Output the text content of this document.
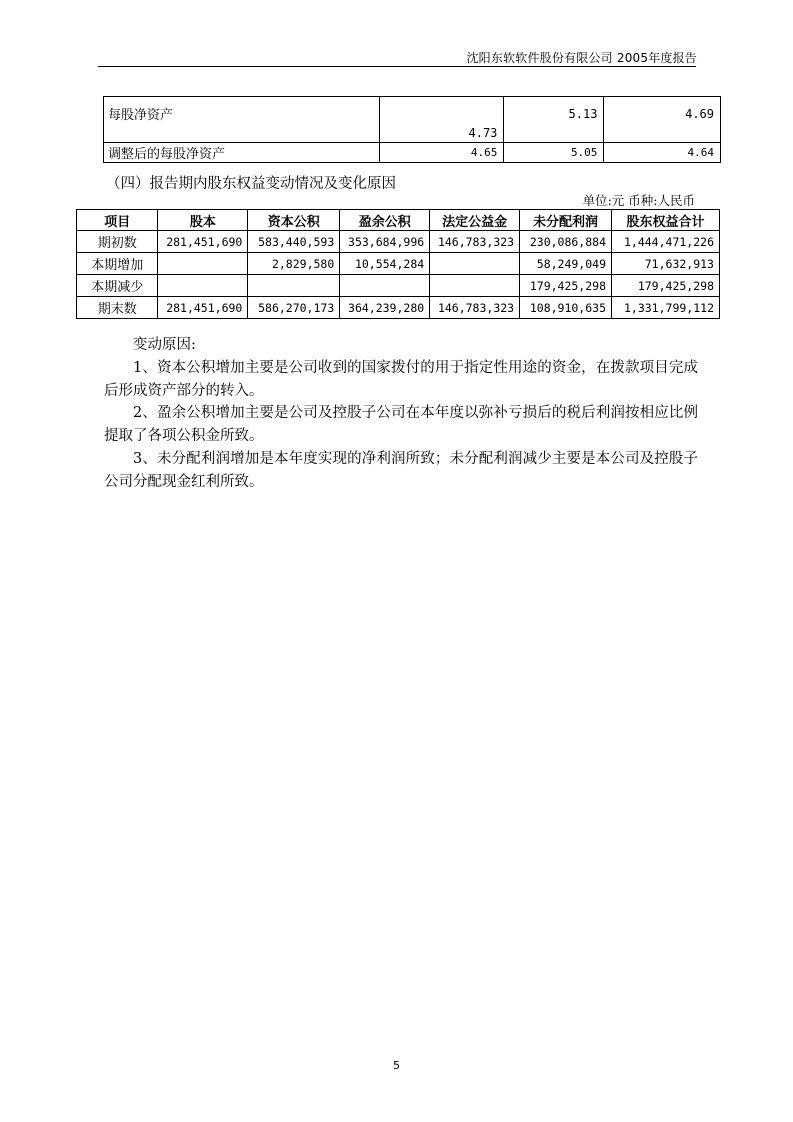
沈阳东软软件股份有限公司 2005年度报告
每股净资产	4.73	5.13	4.69
调整后的每股净资产	4.65	5.05	4.64
（四）报告期内股东权益变动情况及变化原因
单位:元 币种:人民币
项目	股本	资本公积	盈余公积	法定公益金	未分配利润	股东权益合计
期初数	281,451,690	583,440,593	353,684,996	146,783,323	230,086,884	1,444,471,226
本期增加		2,829,580	10,554,284		58,249,049	71,632,913
本期减少					179,425,298	179,425,298
期末数	281,451,690	586,270,173	364,239,280	146,783,323	108,910,635	1,331,799,112

变动原因:

1、资本公积增加主要是公司收到的国家拨付的用于指定性用途的资金，在拨款项目完成后形成资产部分的转入。

2、盈余公积增加主要是公司及控股子公司在本年度以弥补亏损后的税后利润按相应比例提取了各项公积金所致。

3、未分配利润增加是本年度实现的净利润所致；未分配利润减少主要是本公司及控股子公司分配现金红利所致。

5
